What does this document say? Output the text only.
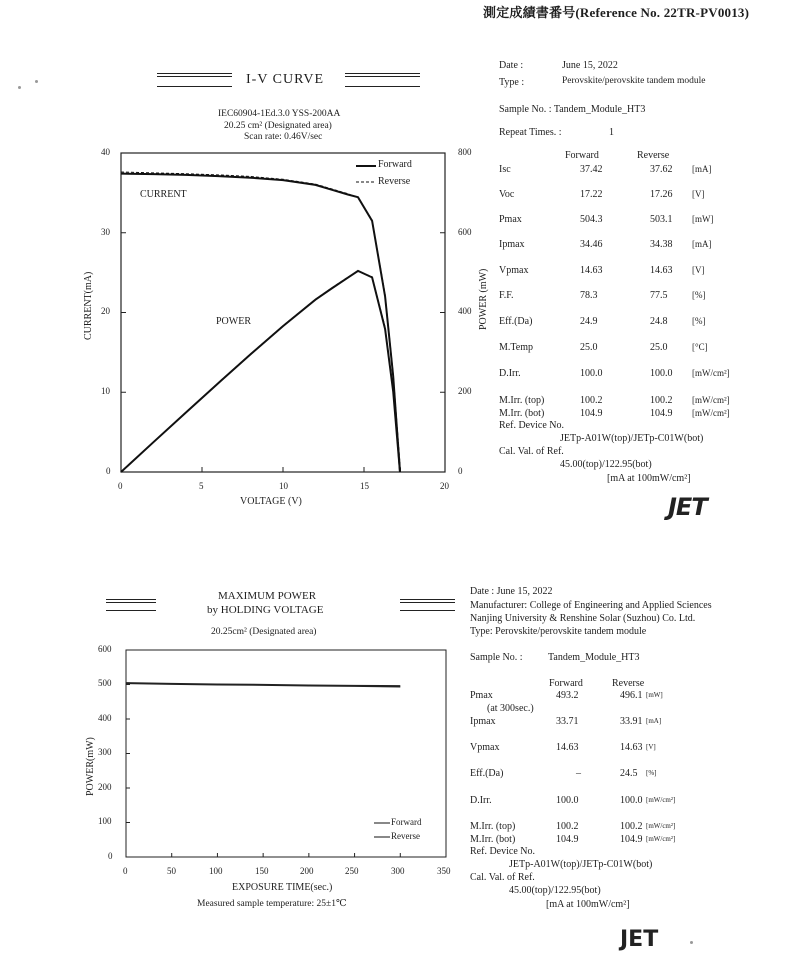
測定成績書番号(Reference No. 22TR-PV0013)
I-V CURVE
IEC60904-1Ed.3.0 YSS-200AA
20.25 cm² (Designated area)
Scan rate: 0.46V/sec
Forward
Reverse
CURRENT
POWER
40
30
20
10
0
800
600
400
200
0
0	5	10	15	20
VOLTAGE (V)
CURRENT(mA)	POWER (mW)
Date :	June 15, 2022
Type :	Perovskite/perovskite tandem module
Sample No. : Tandem_Module_HT3
Repeat Times. :	1
Forward	Reverse
Isc	37.42	37.62 [mA]
Voc	17.22	17.26 [V]
Pmax	504.3	503.1 [mW]
Ipmax	34.46	34.38 [mA]
Vpmax	14.63	14.63 [V]
F.F.	78.3	77.5	[%]
Eff.(Da)	24.9	24.8	[%]
M.Temp	25.0	25.0	[°C]
D.Irr.	100.0	100.0 [mW/cm²]
M.Irr. (top)	100.2	100.2 [mW/cm²]
M.Irr. (bot)	104.9	104.9 [mW/cm²]
Ref. Device No.
JETp-A01W(top)/JETp-C01W(bot)
Cal. Val. of Ref.
45.00(top)/122.95(bot)
[mA at 100mW/cm²]
JET
MAXIMUM POWER
by HOLDING VOLTAGE
20.25cm² (Designated area)
Forward
Reverse
600
500
400
300
200
100
0
0	50	100	150	200	250	300	350
EXPOSURE TIME(sec.)
POWER(mW)
Measured sample temperature: 25±1℃
Date : June 15, 2022
Manufacturer: College of Engineering and Applied Sciences
Nanjing University & Renshine Solar (Suzhou) Co. Ltd.
Type: Perovskite/perovskite tandem module
Sample No. :	Tandem_Module_HT3
Forward	Reverse
(at 300sec.)
Pmax	493.2	496.1 [mW]
Ipmax	33.71	33.91 [mA]
Vpmax	14.63	14.63 [V]
Eff.(Da)	–	24.5 [%]
D.Irr.	100.0	100.0 [mW/cm²]
M.Irr. (top)	100.2	100.2 [mW/cm²]
M.Irr. (bot)	104.9	104.9 [mW/cm²]
Ref. Device No.
JETp-A01W(top)/JETp-C01W(bot)
Cal. Val. of Ref.
45.00(top)/122.95(bot)
[mA at 100mW/cm²]
JET
